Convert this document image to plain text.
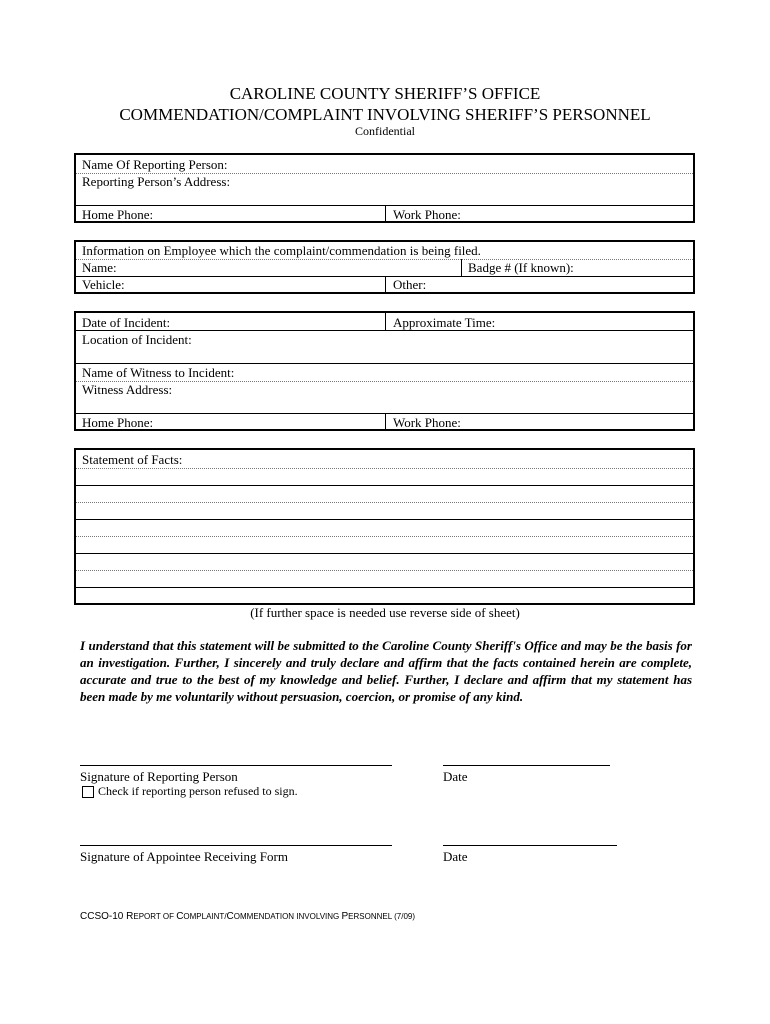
CAROLINE COUNTY SHERIFF’S OFFICE
COMMENDATION/COMPLAINT INVOLVING SHERIFF’S PERSONNEL
Confidential
Name Of Reporting Person:
Reporting Person’s Address:
Home Phone:	Work Phone:
Information on Employee which the complaint/commendation is being filed.
Name:	Badge # (If known):
Vehicle:	Other:
Date of Incident:	Approximate Time:
Location of Incident:
Name of Witness to Incident:
Witness Address:
Home Phone:	Work Phone:
Statement of Facts:
(If further space is needed use reverse side of sheet)
I understand that this statement will be submitted to the Caroline County Sheriff's Office and may be the basis for an investigation. Further, I sincerely and truly declare and affirm that the facts contained herein are complete, accurate and true to the best of my knowledge and belief. Further, I declare and affirm that my statement has been made by me voluntarily without persuasion, coercion, or promise of any kind.
Signature of Reporting Person	Date
Check if reporting person refused to sign.
Signature of Appointee Receiving Form	Date
CCSO-10 REPORT OF COMPLAINT/COMMENDATION INVOLVING PERSONNEL (7/09)
